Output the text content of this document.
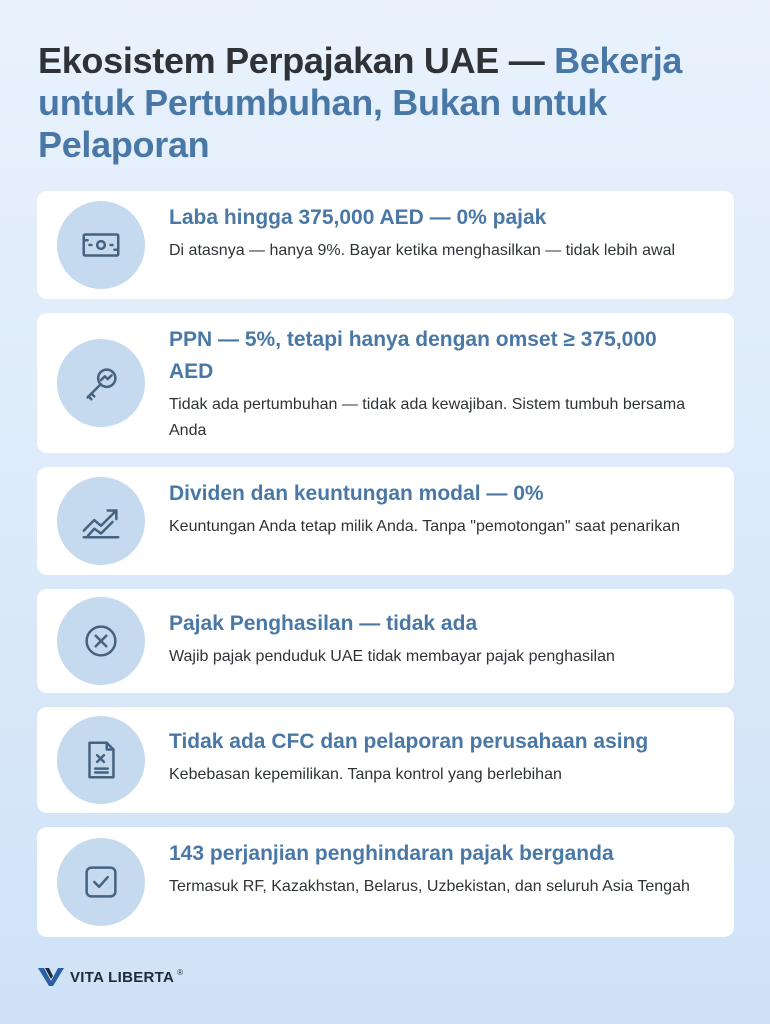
Ekosistem Perpajakan UAE — Bekerja untuk Pertumbuhan, Bukan untuk Pelaporan

Laba hingga 375,000 AED — 0% pajak

Di atasnya — hanya 9%. Bayar ketika menghasilkan — tidak lebih awal

PPN — 5%, tetapi hanya dengan omset ≥ 375,000 AED

Tidak ada pertumbuhan — tidak ada kewajiban. Sistem tumbuh bersama Anda

Dividen dan keuntungan modal — 0%

Keuntungan Anda tetap milik Anda. Tanpa "pemotongan" saat penarikan

Pajak Penghasilan — tidak ada

Wajib pajak penduduk UAE tidak membayar pajak penghasilan

Tidak ada CFC dan pelaporan perusahaan asing

Kebebasan kepemilikan. Tanpa kontrol yang berlebihan

143 perjanjian penghindaran pajak berganda

Termasuk RF, Kazakhstan, Belarus, Uzbekistan, dan seluruh Asia Tengah

VITA LIBERTA ®
